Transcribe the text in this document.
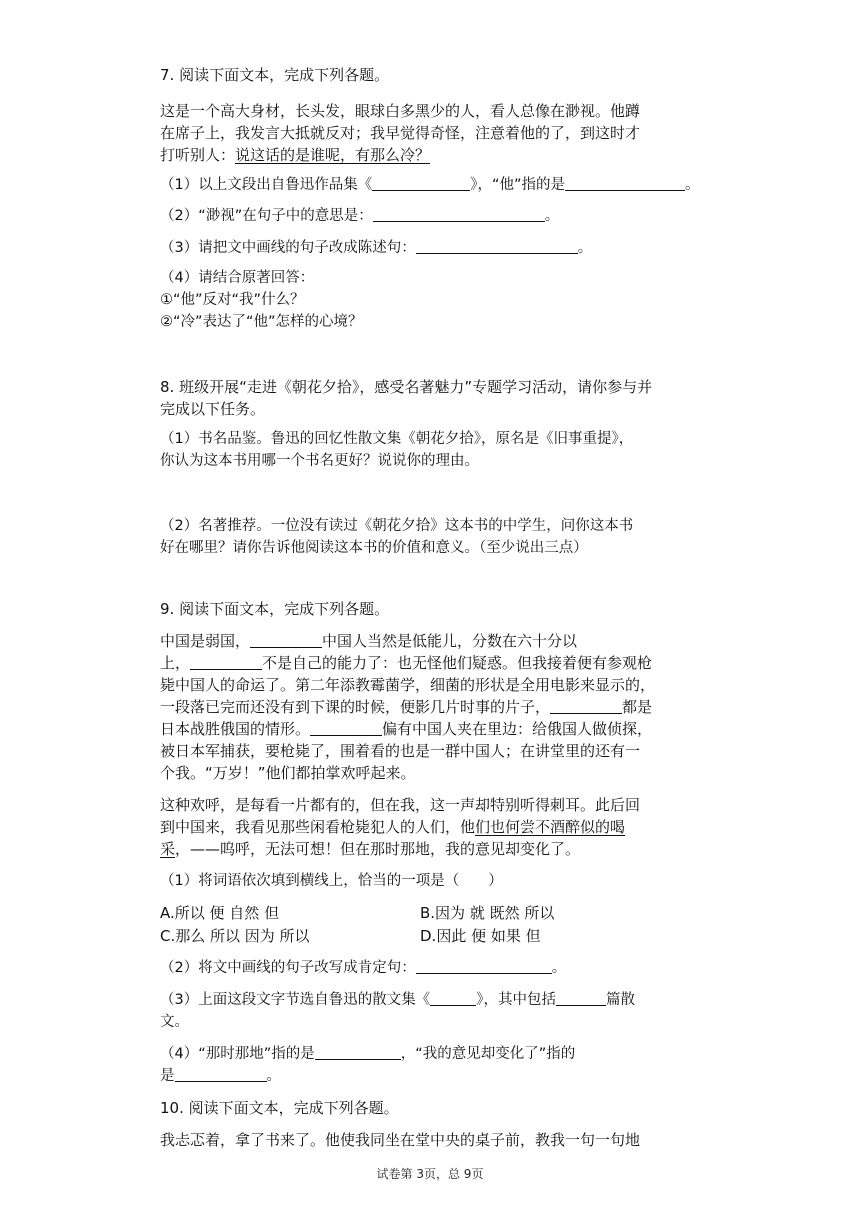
7. 阅读下面文本，完成下列各题。
这是一个高大身材，长头发，眼球白多黑少的人，看人总像在渺视。他蹲
在席子上，我发言大抵就反对；我早觉得奇怪，注意着他的了，到这时才
打听别人：说这话的是谁呢，有那么冷？
（1）以上文段出自鲁迅作品集《	》，“他”指的是	。
（2）“渺视”在句子中的意思是：	。
（3）请把文中画线的句子改成陈述句：	。
（4）请结合原著回答：
①“他”反对“我”什么？
②“冷”表达了“他”怎样的心境？
8. 班级开展“走进《朝花夕拾》，感受名著魅力”专题学习活动，请你参与并
完成以下任务。
（1）书名品鉴。鲁迅的回忆性散文集《朝花夕拾》，原名是《旧事重提》，
你认为这本书用哪一个书名更好？说说你的理由。
（2）名著推荐。一位没有读过《朝花夕拾》这本书的中学生，问你这本书
好在哪里？请你告诉他阅读这本书的价值和意义。（至少说出三点）
9. 阅读下面文本，完成下列各题。
中国是弱国，	中国人当然是低能儿，分数在六十分以
上，	不是自己的能力了：也无怪他们疑惑。但我接着便有参观枪
毙中国人的命运了。第二年添教霉菌学，细菌的形状是全用电影来显示的，
一段落已完而还没有到下课的时候，便影几片时事的片子，	都是
日本战胜俄国的情形。	偏有中国人夹在里边：给俄国人做侦探，
被日本军捕获，要枪毙了，围着看的也是一群中国人；在讲堂里的还有一
个我。“万岁！”他们都拍掌欢呼起来。
这种欢呼，是每看一片都有的，但在我，这一声却特别听得刺耳。此后回
到中国来，我看见那些闲看枪毙犯人的人们，他们也何尝不酒醉似的喝
采，——呜呼，无法可想！但在那时那地，我的意见却变化了。
（1）将词语依次填到横线上，恰当的一项是（　　）
A.所以 便 自然 但	B.因为 就 既然 所以
C.那么 所以 因为 所以	D.因此 便 如果 但
（2）将文中画线的句子改写成肯定句：	。
（3）上面这段文字节选自鲁迅的散文集《	》，其中包括	篇散
文。
（4）“那时那地”指的是	，“我的意见却变化了”指的
是	。
10. 阅读下面文本，完成下列各题。
我忐忑着，拿了书来了。他使我同坐在堂中央的桌子前，教我一句一句地
试卷第 3页，总 9页
